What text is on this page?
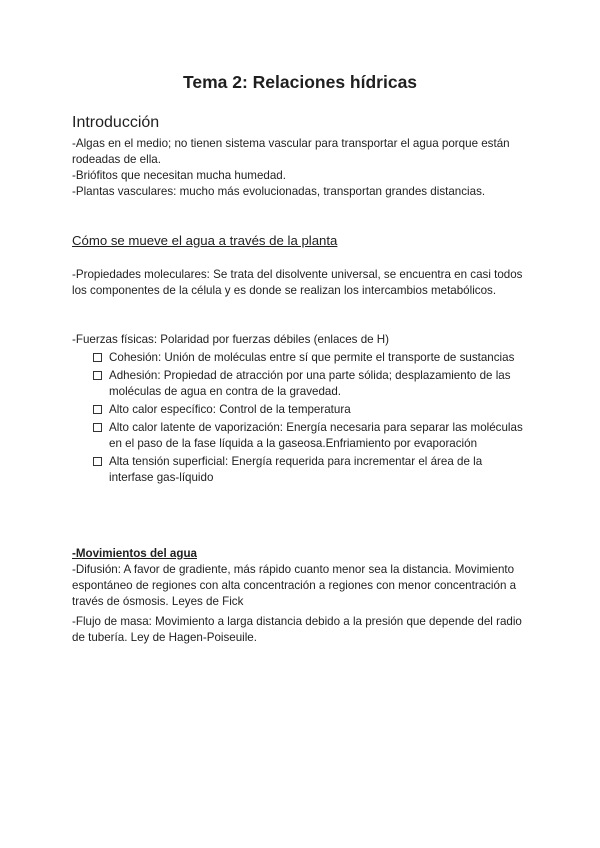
Tema 2: Relaciones hídricas
Introducción

-Algas en el medio; no tienen sistema vascular para transportar el agua porque están rodeadas de ella.

-Briófitos que necesitan mucha humedad.

-Plantas vasculares: mucho más evolucionadas, transportan grandes distancias.

Cómo se mueve el agua a través de la planta

-Propiedades moleculares: Se trata del disolvente universal, se encuentra en casi todos los componentes de la célula y es donde se realizan los intercambios metabólicos.

-Fuerzas físicas: Polaridad por fuerzas débiles (enlaces de H)

Cohesión: Unión de moléculas entre sí que permite el transporte de sustancias
Adhesión: Propiedad de atracción por una parte sólida; desplazamiento de las moléculas de agua en contra de la gravedad.
Alto calor específico: Control de la temperatura
Alto calor latente de vaporización: Energía necesaria para separar las moléculas en el paso de la fase líquida a la gaseosa.Enfriamiento por evaporación
Alta tensión superficial: Energía requerida para incrementar el área de la interfase gas-líquido

-Movimientos del agua

-Difusión: A favor de gradiente, más rápido cuanto menor sea la distancia. Movimiento espontáneo de regiones con alta concentración a regiones con menor concentración a través de ósmosis. Leyes de Fick

-Flujo de masa: Movimiento a larga distancia debido a la presión que depende del radio de tubería. Ley de Hagen-Poiseuile.
